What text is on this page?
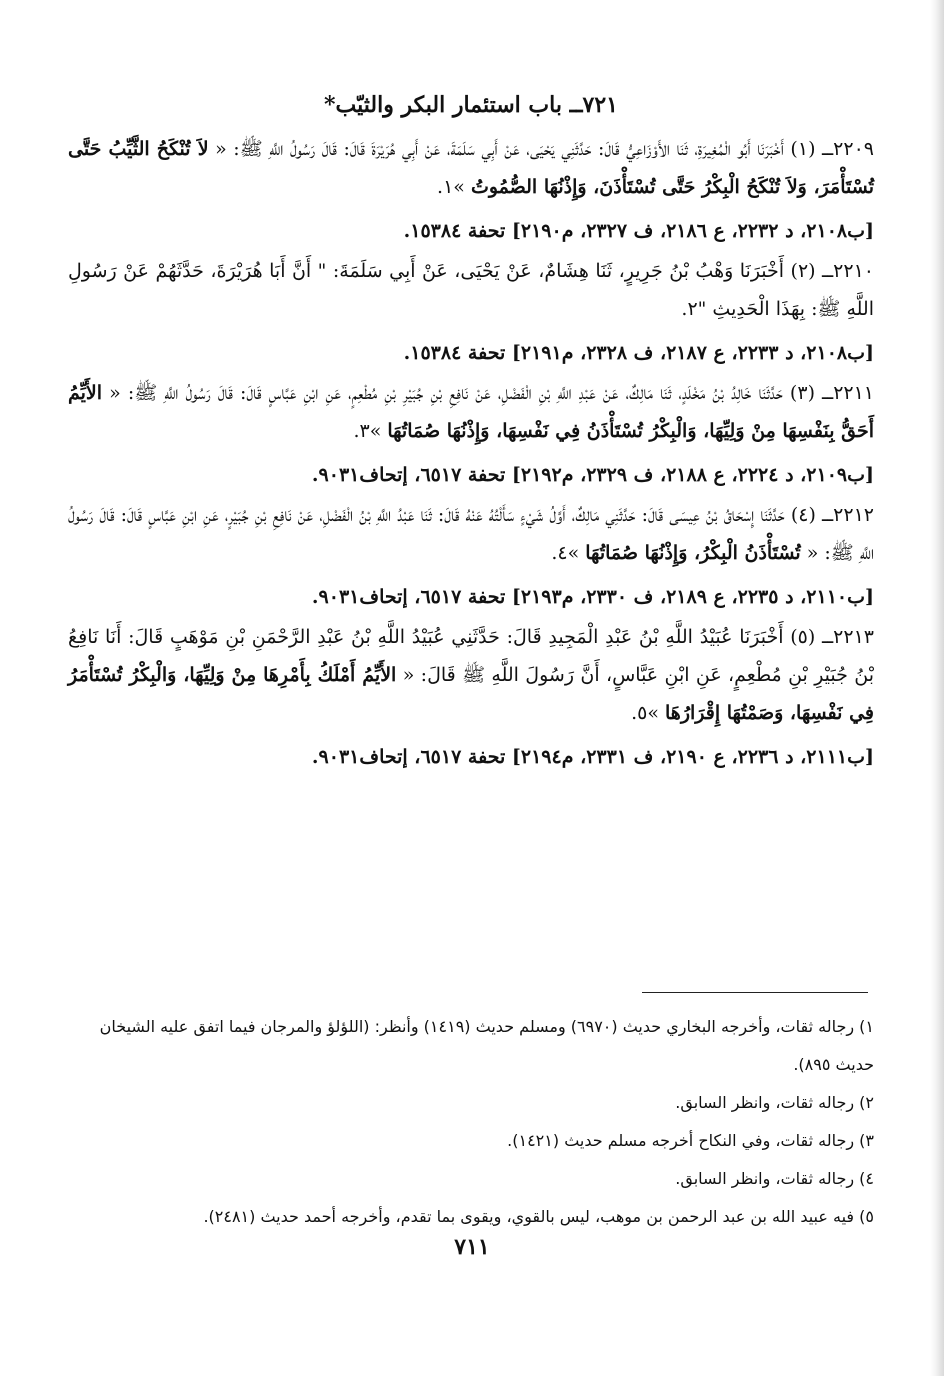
٧٢١ــ باب استئمار البكر والثيّب*

٢٢٠٩ــ (١) أَخْبَرَنَا أَبُو الْمُغِيرَةِ، ثَنَا الأَوْزَاعِيُّ قَالَ: حَدَّثَنِي يَحْيَى، عَنْ أَبِي سَلَمَةَ، عَنْ أَبِي هُرَيْرَةَ قَالَ: قَالَ رَسُولُ اللَّهِ ﷺ: « لاَ تُنْكَحُ الثَّيِّبُ حَتَّى تُسْتَأْمَرَ، وَلاَ تُنْكَحُ الْبِكْرُ حَتَّى تُسْتَأْذَنَ، وَإِذْنُهَا الصُّمُوتُ »١.

[ب٢١٠٨، د ٢٢٣٢، ع ٢١٨٦، ف ٢٣٢٧، م٢١٩٠] تحفة ١٥٣٨٤.

٢٢١٠ــ (٢) أَخْبَرَنَا وَهْبُ بْنُ جَرِيرٍ، ثَنَا هِشَامٌ، عَنْ يَحْيَى، عَنْ أَبِي سَلَمَةَ: " أَنَّ أَبَا هُرَيْرَةَ، حَدَّثَهُمْ عَنْ رَسُولِ اللَّهِ ﷺ: بِهَذَا الْحَدِيثِ "٢.

[ب٢١٠٨، د ٢٢٣٣، ع ٢١٨٧، ف ٢٣٢٨، م٢١٩١] تحفة ١٥٣٨٤.

٢٢١١ــ (٣) حَدَّثَنَا خَالِدُ بْنُ مَخْلَدٍ، ثَنَا مَالِكٌ، عَنْ عَبْدِ اللَّهِ بْنِ الْفَضْلِ، عَنْ نَافِعِ بْنِ جُبَيْرِ بْنِ مُطْعِمٍ، عَنِ ابْنِ عَبَّاسٍ قَالَ: قَالَ رَسُولُ اللَّهِ ﷺ: « الأَيِّمُ أَحَقُّ بِنَفْسِهَا مِنْ وَلِيِّهَا، وَالْبِكْرُ تُسْتَأْذَنُ فِي نَفْسِهَا، وَإِذْنُهَا صُمَاتُهَا »٣.

[ب٢١٠٩، د ٢٢٢٤، ع ٢١٨٨، ف ٢٣٢٩، م٢١٩٢] تحفة ٦٥١٧، إتحاف٩٠٣١.

٢٢١٢ــ (٤) حَدَّثَنَا إِسْحَاقُ بْنُ عِيسَى قَالَ: حَدَّثَنِي مَالِكٌ، أَوَّلُ شَيْءٍ سَأَلْتُهُ عَنْهُ قَالَ: ثَنَا عَبْدُ اللَّهِ بْنُ الْفَضْلِ، عَنْ نَافِعِ بْنِ جُبَيْرٍ، عَنِ ابْنِ عَبَّاسٍ قَالَ: قَالَ رَسُولُ اللَّهِ ﷺ: « تُسْتَأْذَنُ الْبِكْرُ، وَإِذْنُهَا صُمَاتُهَا »٤.

[ب٢١١٠، د ٢٢٣٥، ع ٢١٨٩، ف ٢٣٣٠، م٢١٩٣] تحفة ٦٥١٧، إتحاف٩٠٣١.

٢٢١٣ــ (٥) أَخْبَرَنَا عُبَيْدُ اللَّهِ بْنُ عَبْدِ الْمَجِيدِ قَالَ: حَدَّثَنِي عُبَيْدُ اللَّهِ بْنُ عَبْدِ الرَّحْمَنِ بْنِ مَوْهَبٍ قَالَ: أَنَا نَافِعُ بْنُ جُبَيْرِ بْنِ مُطْعِمٍ، عَنِ ابْنِ عَبَّاسٍ، أَنَّ رَسُولَ اللَّهِ ﷺ قَالَ: « الأَيِّمُ أَمْلَكُ بِأَمْرِهَا مِنْ وَلِيِّهَا، وَالْبِكْرُ تُسْتَأْمَرُ فِي نَفْسِهَا، وَصَمْتُهَا إِقْرَارُهَا »٥.

[ب٢١١١، د ٢٢٣٦، ع ٢١٩٠، ف ٢٣٣١، م٢١٩٤] تحفة ٦٥١٧، إتحاف٩٠٣١.

١) رجاله ثقات، وأخرجه البخاري حديث (٦٩٧٠) ومسلم حديث (١٤١٩) وأنظر: (اللؤلؤ والمرجان فيما اتفق عليه الشيخان حديث ٨٩٥).

٢) رجاله ثقات، وانظر السابق.

٣) رجاله ثقات، وفي النكاح أخرجه مسلم حديث (١٤٢١).

٤) رجاله ثقات، وانظر السابق.

٥) فيه عبيد الله بن عبد الرحمن بن موهب، ليس بالقوي، ويقوى بما تقدم، وأخرجه أحمد حديث (٢٤٨١).

٧١١
